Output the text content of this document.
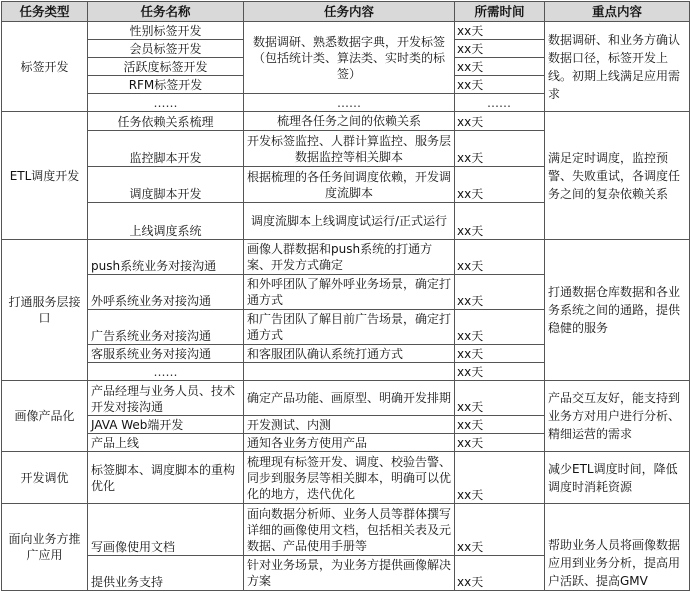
任务类型	任务名称	任务内容	所需时间	重点内容
标签开发	性别标签开发	数据调研、熟悉数据字典，开发标签（包括统计类、算法类、实时类的标签）	xx天	数据调研、和业务方确认数据口径，标签开发上线。初期上线满足应用需求
	会员标签开发		xx天	
	活跃度标签开发		xx天	
	RFM标签开发		xx天	
	……	……	……	
ETL调度开发	任务依赖关系梳理	梳理各任务之间的依赖关系	xx天	满足定时调度，监控预警、失败重试，各调度任务之间的复杂依赖关系
	监控脚本开发	开发标签监控、人群计算监控、服务层数据监控等相关脚本	xx天	
	调度脚本开发	根据梳理的各任务间调度依赖，开发调度流脚本	xx天	
	上线调度系统	调度流脚本上线调度试运行/正式运行	xx天	
打通服务层接口	push系统业务对接沟通	画像人群数据和push系统的打通方案、开发方式确定	xx天	打通数据仓库数据和各业务系统之间的通路，提供稳健的服务
	外呼系统业务对接沟通	和外呼团队了解外呼业务场景，确定打通方式	xx天	
	广告系统业务对接沟通	和广告团队了解目前广告场景，确定打通方式	xx天	
	客服系统业务对接沟通	和客服团队确认系统打通方式	xx天	
	……		xx天	
画像产品化	产品经理与业务人员、技术开发对接沟通	确定产品功能、画原型、明确开发排期	xx天	产品交互友好，能支持到业务方对用户进行分析、精细运营的需求
	JAVA Web端开发	开发测试、内测	xx天	
	产品上线	通知各业务方使用产品	xx天	
开发调优	标签脚本、调度脚本的重构优化	梳理现有标签开发、调度、校验告警、同步到服务层等相关脚本，明确可以优化的地方，迭代优化	xx天	减少ETL调度时间，降低调度时消耗资源
面向业务方推广应用	写画像使用文档	面向数据分析师、业务人员等群体撰写详细的画像使用文档，包括相关表及元数据、产品使用手册等	xx天	帮助业务人员将画像数据应用到业务分析，提高用户活跃、提高GMV
	提供业务支持	针对业务场景，为业务方提供画像解决方案	xx天	
